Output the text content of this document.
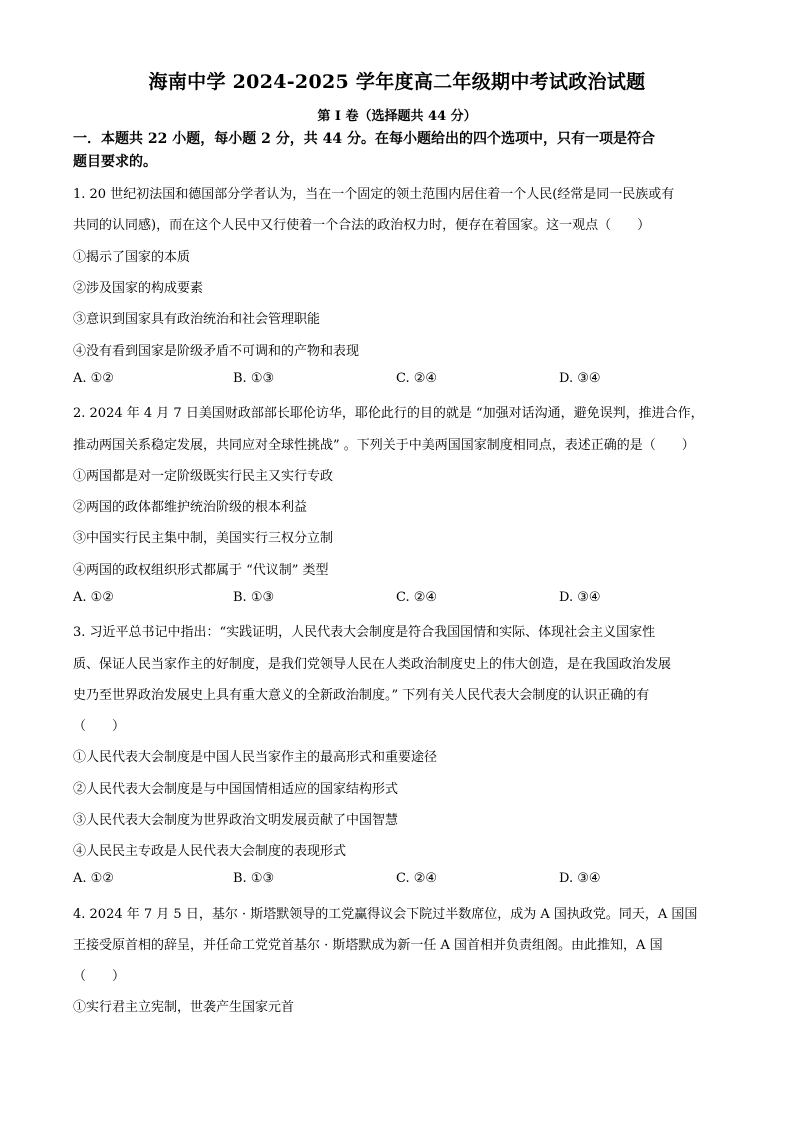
海南中学 2024-2025 学年度高二年级期中考试政治试题
第 I 卷（选择题共 44 分）
一．本题共 22 小题，每小题 2 分，共 44 分。在每小题给出的四个选项中，只有一项是符合
题目要求的。
1. 20 世纪初法国和德国部分学者认为，当在一个固定的领土范围内居住着一个人民(经常是同一民族或有
共同的认同感)，而在这个人民中又行使着一个合法的政治权力时，便存在着国家。这一观点（　　）
①揭示了国家的本质
②涉及国家的构成要素
③意识到国家具有政治统治和社会管理职能
④没有看到国家是阶级矛盾不可调和的产物和表现
A. ①②	B. ①③	C. ②④	D. ③④
2. 2024 年 4 月 7 日美国财政部部长耶伦访华，耶伦此行的目的就是 “加强对话沟通，避免误判，推进合作，
推动两国关系稳定发展，共同应对全球性挑战” 。下列关于中美两国国家制度相同点，表述正确的是（　　）
①两国都是对一定阶级既实行民主又实行专政
②两国的政体都维护统治阶级的根本利益
③中国实行民主集中制，美国实行三权分立制
④两国的政权组织形式都属于 “代议制” 类型
A. ①②	B. ①③	C. ②④	D. ③④
3. 习近平总书记中指出：“实践证明，人民代表大会制度是符合我国国情和实际、体现社会主义国家性
质、保证人民当家作主的好制度，是我们党领导人民在人类政治制度史上的伟大创造，是在我国政治发展
史乃至世界政治发展史上具有重大意义的全新政治制度。” 下列有关人民代表大会制度的认识正确的有
（　　）
①人民代表大会制度是中国人民当家作主的最高形式和重要途径
②人民代表大会制度是与中国国情相适应的国家结构形式
③人民代表大会制度为世界政治文明发展贡献了中国智慧
④人民民主专政是人民代表大会制度的表现形式
A. ①②	B. ①③	C. ②④	D. ③④
4. 2024 年 7 月 5 日，基尔 · 斯塔默领导的工党赢得议会下院过半数席位，成为 A 国执政党。同天，A 国国
王接受原首相的辞呈，并任命工党党首基尔 · 斯塔默成为新一任 A 国首相并负责组阁。由此推知，A 国
（　　）
①实行君主立宪制，世袭产生国家元首
